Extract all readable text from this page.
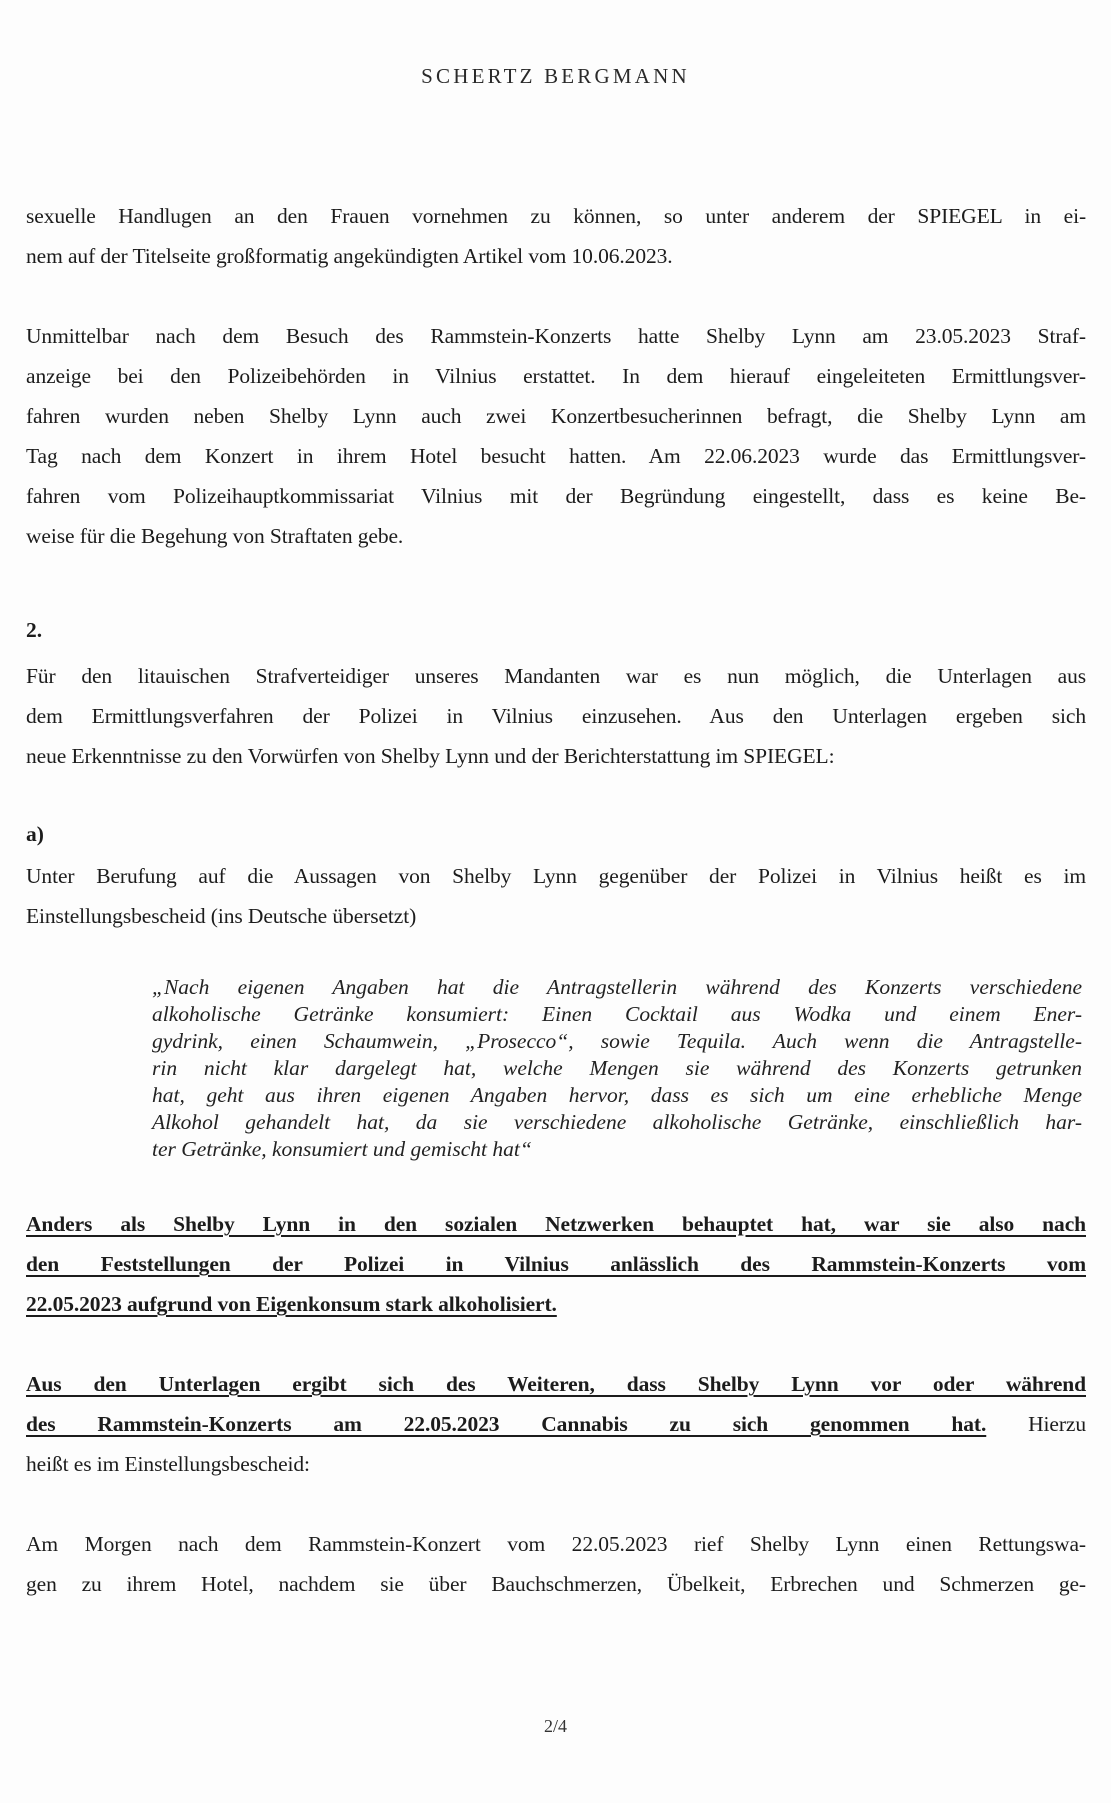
SCHERTZ BERGMANN
sexuelle Handlugen an den Frauen vornehmen zu können, so unter anderem der SPIEGEL in ei-
nem auf der Titelseite großformatig angekündigten Artikel vom 10.06.2023.
Unmittelbar nach dem Besuch des Rammstein-Konzerts hatte Shelby Lynn am 23.05.2023 Straf-
anzeige bei den Polizeibehörden in Vilnius erstattet. In dem hierauf eingeleiteten Ermittlungsver-
fahren wurden neben Shelby Lynn auch zwei Konzertbesucherinnen befragt, die Shelby Lynn am
Tag nach dem Konzert in ihrem Hotel besucht hatten. Am 22.06.2023 wurde das Ermittlungsver-
fahren vom Polizeihauptkommissariat Vilnius mit der Begründung eingestellt, dass es keine Be-
weise für die Begehung von Straftaten gebe.
2.
Für den litauischen Strafverteidiger unseres Mandanten war es nun möglich, die Unterlagen aus
dem Ermittlungsverfahren der Polizei in Vilnius einzusehen. Aus den Unterlagen ergeben sich
neue Erkenntnisse zu den Vorwürfen von Shelby Lynn und der Berichterstattung im SPIEGEL:
a)
Unter Berufung auf die Aussagen von Shelby Lynn gegenüber der Polizei in Vilnius heißt es im
Einstellungsbescheid (ins Deutsche übersetzt)
„Nach eigenen Angaben hat die Antragstellerin während des Konzerts verschiedene
alkoholische Getränke konsumiert: Einen Cocktail aus Wodka und einem Ener-
gydrink, einen Schaumwein, „Prosecco“, sowie Tequila. Auch wenn die Antragstelle-
rin nicht klar dargelegt hat, welche Mengen sie während des Konzerts getrunken
hat, geht aus ihren eigenen Angaben hervor, dass es sich um eine erhebliche Menge
Alkohol gehandelt hat, da sie verschiedene alkoholische Getränke, einschließlich har-
ter Getränke, konsumiert und gemischt hat“
Anders als Shelby Lynn in den sozialen Netzwerken behauptet hat, war sie also nach
den Feststellungen der Polizei in Vilnius anlässlich des Rammstein-Konzerts vom
22.05.2023 aufgrund von Eigenkonsum stark alkoholisiert.
Aus den Unterlagen ergibt sich des Weiteren, dass Shelby Lynn vor oder während
des Rammstein-Konzerts am 22.05.2023 Cannabis zu sich genommen hat. Hierzu
heißt es im Einstellungsbescheid:
Am Morgen nach dem Rammstein-Konzert vom 22.05.2023 rief Shelby Lynn einen Rettungswa-
gen zu ihrem Hotel, nachdem sie über Bauchschmerzen, Übelkeit, Erbrechen und Schmerzen ge-
2/4
